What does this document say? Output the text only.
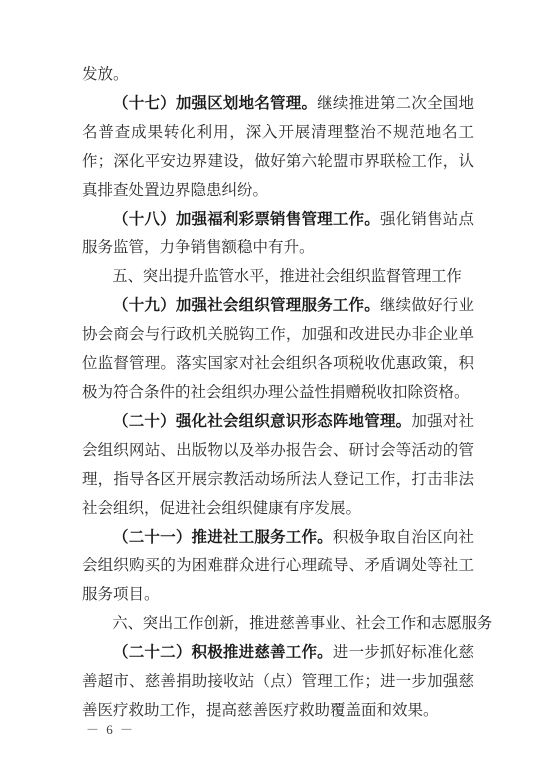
发放。

（十七）加强区划地名管理。继续推进第二次全国地名普查成果转化利用，深入开展清理整治不规范地名工作；深化平安边界建设，做好第六轮盟市界联检工作，认真排查处置边界隐患纠纷。

（十八）加强福利彩票销售管理工作。强化销售站点服务监管，力争销售额稳中有升。

五、突出提升监管水平，推进社会组织监督管理工作

（十九）加强社会组织管理服务工作。继续做好行业协会商会与行政机关脱钩工作，加强和改进民办非企业单位监督管理。落实国家对社会组织各项税收优惠政策，积极为符合条件的社会组织办理公益性捐赠税收扣除资格。

（二十）强化社会组织意识形态阵地管理。加强对社会组织网站、出版物以及举办报告会、研讨会等活动的管理，指导各区开展宗教活动场所法人登记工作，打击非法社会组织，促进社会组织健康有序发展。

（二十一）推进社工服务工作。积极争取自治区向社会组织购买的为困难群众进行心理疏导、矛盾调处等社工服务项目。

六、突出工作创新，推进慈善事业、社会工作和志愿服务

（二十二）积极推进慈善工作。进一步抓好标准化慈善超市、慈善捐助接收站（点）管理工作；进一步加强慈善医疗救助工作，提高慈善医疗救助覆盖面和效果。

－ 6 －
